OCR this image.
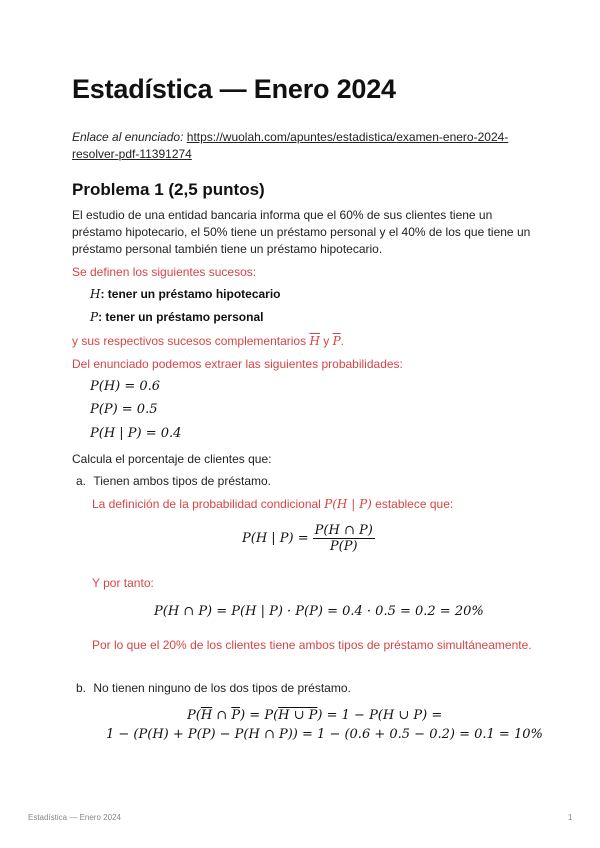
Estadística — Enero 2024
Enlace al enunciado: https://wuolah.com/apuntes/estadistica/examen-enero-2024-resolver-pdf-11391274
Problema 1 (2,5 puntos)

El estudio de una entidad bancaria informa que el 60% de sus clientes tiene un préstamo hipotecario, el 50% tiene un préstamo personal y el 40% de los que tiene un préstamo personal también tiene un préstamo hipotecario.

Se definen los siguientes sucesos:

H: tener un préstamo hipotecario
P: tener un préstamo personal

y sus respectivos sucesos complementarios $\overline{H}$ y $\overline{P}$.

Del enunciado podemos extraer las siguientes probabilidades:

P(H) = 0.6
P(P) = 0.5
P(H | P) = 0.4

Calcula el porcentaje de clientes que:

a. Tienen ambos tipos de préstamo.

La definición de la probabilidad condicional P(H | P) establece que:

P(H | $P) = \frac{P(H \cap P)}{P(P)}$

Y por tanto:

P(H ∩ P) = P(H | P) · P(P) = 0.4 · 0.5 = 0.2 = 20%

Por lo que el 20% de los clientes tiene ambos tipos de préstamo simultáneamente.

b. No tienen ninguno de los dos tipos de préstamo.
$P(\overline{H}$ ∩ $\overline{P}) = P(H$ ∪ P) = 1 − P(H ∪ P) =
1 − (P(H) + P(P) − P(H ∩ P)) = 1 − (0.6 + 0.5 − 0.2) = 0.1 = 10%
Estadística — Enero 2024	1
